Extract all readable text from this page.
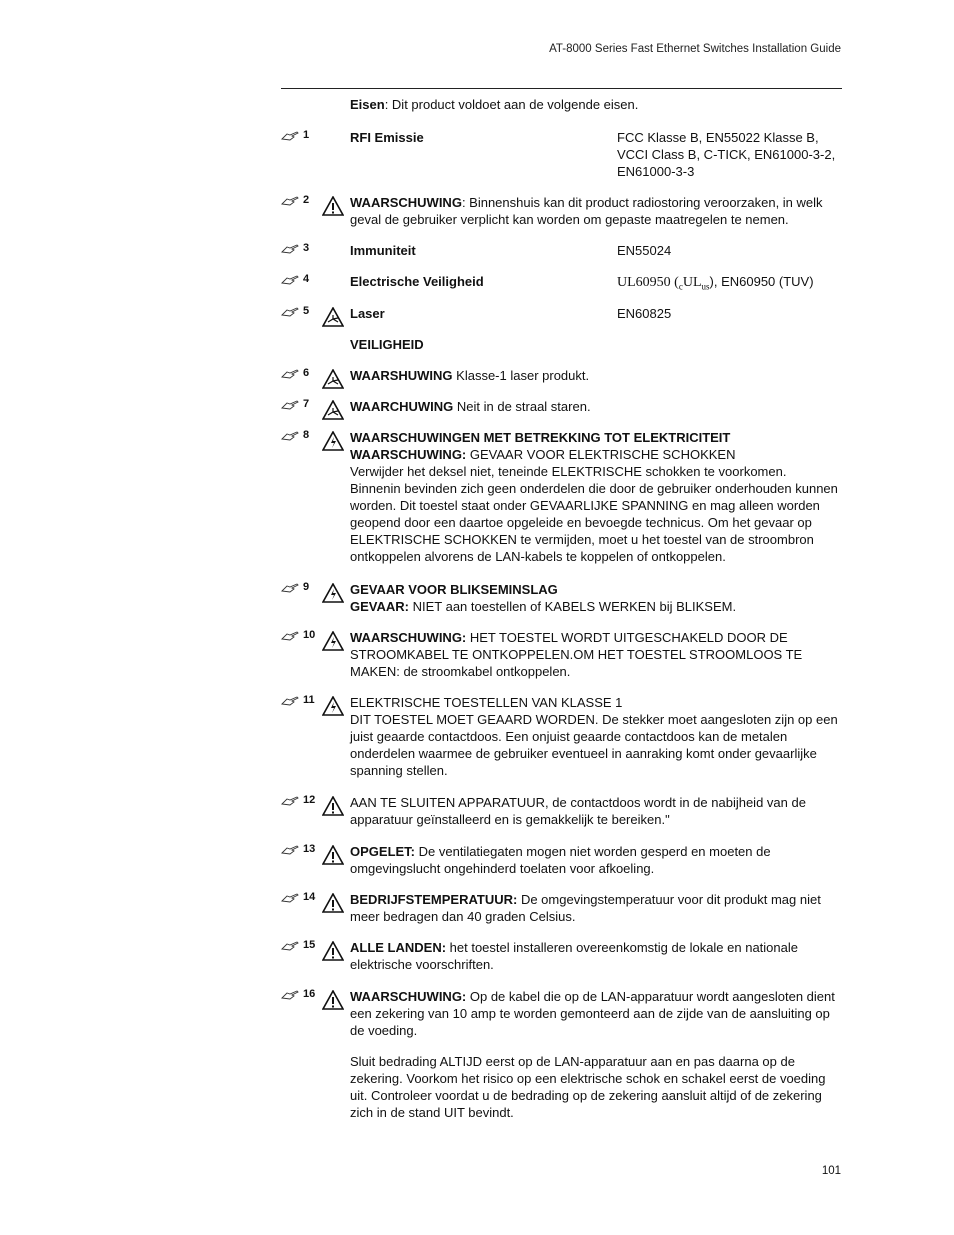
AT-8000 Series Fast Ethernet Switches Installation Guide
Eisen: Dit product voldoet aan de volgende eisen.
1	RFI Emissie	FCC Klasse B, EN55022 Klasse B,
VCCI Class B, C-TICK, EN61000-3-2,
EN61000-3-3
2	WAARSCHUWING: Binnenshuis kan dit product radiostoring veroorzaken, in welk geval de gebruiker verplicht kan worden om gepaste maatregelen te nemen.
3	Immuniteit	EN55024
4	Electrische Veiligheid	UL60950 $(_cUL_{us})$, EN60950 (TUV)
5	Laser	EN60825
VEILIGHEID
6	WAARSHUWING Klasse-1 laser produkt.
7	WAARCHUWING Neit in de straal staren.
8	WAARSCHUWINGEN MET BETREKKING TOT ELEKTRICITEIT
WAARSCHUWING: GEVAAR VOOR ELEKTRISCHE SCHOKKEN
Verwijder het deksel niet, teneinde ELEKTRISCHE schokken te voorkomen. Binnenin bevinden zich geen onderdelen die door de gebruiker onderhouden kunnen worden. Dit toestel staat onder GEVAARLIJKE SPANNING en mag alleen worden geopend door een daartoe opgeleide en bevoegde technicus. Om het gevaar op ELEKTRISCHE SCHOKKEN te vermijden, moet u het toestel van de stroombron ontkoppelen alvorens de LAN-kabels te koppelen of ontkoppelen.
9	GEVAAR VOOR BLIKSEMINSLAG
GEVAAR: NIET aan toestellen of KABELS WERKEN bij BLIKSEM.
10	WAARSCHUWING: HET TOESTEL WORDT UITGESCHAKELD DOOR DE STROOMKABEL TE ONTKOPPELEN.OM HET TOESTEL STROOMLOOS TE MAKEN: de stroomkabel ontkoppelen.
11	ELEKTRISCHE TOESTELLEN VAN KLASSE 1
DIT TOESTEL MOET GEAARD WORDEN. De stekker moet aangesloten zijn op een juist geaarde contactdoos. Een onjuist geaarde contactdoos kan de metalen onderdelen waarmee de gebruiker eventueel in aanraking komt onder gevaarlijke spanning stellen.
12	AAN TE SLUITEN APPARATUUR, de contactdoos wordt in de nabijheid van de apparatuur geïnstalleerd en is gemakkelijk te bereiken."
13	OPGELET: De ventilatiegaten mogen niet worden gesperd en moeten de omgevingslucht ongehinderd toelaten voor afkoeling.
14	BEDRIJFSTEMPERATUUR: De omgevingstemperatuur voor dit produkt mag niet meer bedragen dan 40 graden Celsius.
15	ALLE LANDEN: het toestel installeren overeenkomstig de lokale en nationale elektrische voorschriften.
16	WAARSCHUWING: Op de kabel die op de LAN-apparatuur wordt aangesloten dient een zekering van 10 amp te worden gemonteerd aan de zijde van de aansluiting op de voeding.
Sluit bedrading ALTIJD eerst op de LAN-apparatuur aan en pas daarna op de zekering. Voorkom het risico op een elektrische schok en schakel eerst de voeding uit. Controleer voordat u de bedrading op de zekering aansluit altijd of de zekering zich in de stand UIT bevindt.
101
